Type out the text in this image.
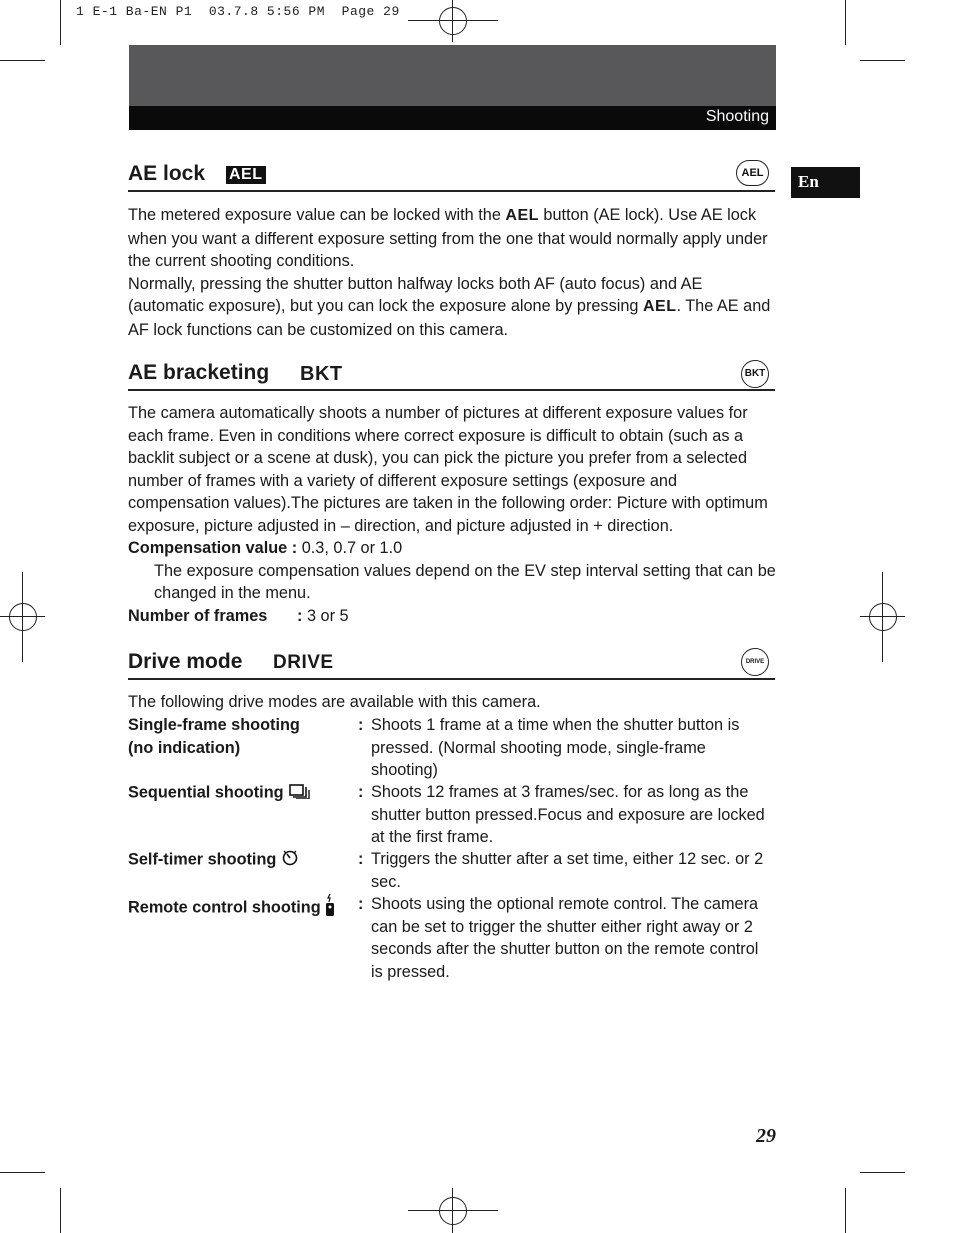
1 E-1 Ba-EN P1  03.7.8 5:56 PM  Page 29
Shooting
En
AE lock AEL	AEL

The metered exposure value can be locked with the AEL button (AE lock). Use AE lock when you want a different exposure setting from the one that would normally apply under the current shooting conditions.

Normally, pressing the shutter button halfway locks both AF (auto focus) and AE (automatic exposure), but you can lock the exposure alone by pressing AEL. The AE and AF lock functions can be customized on this camera.

AE bracketing BKT	BKT

The camera automatically shoots a number of pictures at different exposure values for each frame. Even in conditions where correct exposure is difficult to obtain (such as a backlit subject or a scene at dusk), you can pick the picture you prefer from a selected number of frames with a variety of different exposure settings (exposure and compensation values).The pictures are taken in the following order: Picture with optimum exposure, picture adjusted in – direction, and picture adjusted in + direction.

Compensation value : 0.3, 0.7 or 1.0

The exposure compensation values depend on the EV step interval setting that can be changed in the menu.

Number of frames : 3 or 5

Drive mode DRIVE	DRIVE
The following drive modes are available with this camera.
Single-frame shooting
(no indication)
: Shoots 1 frame at a time when the shutter button is pressed. (Normal shooting mode, single-frame shooting)
Sequential shooting	: Shoots 12 frames at 3 frames/sec. for as long as the shutter button pressed.Focus and exposure are locked at the first frame.
Self-timer shooting	: Triggers the shutter after a set time, either 12 sec. or 2 sec.
Remote control shooting	: Shoots using the optional remote control. The camera can be set to trigger the shutter either right away or 2 seconds after the shutter button on the remote control is pressed.
29
